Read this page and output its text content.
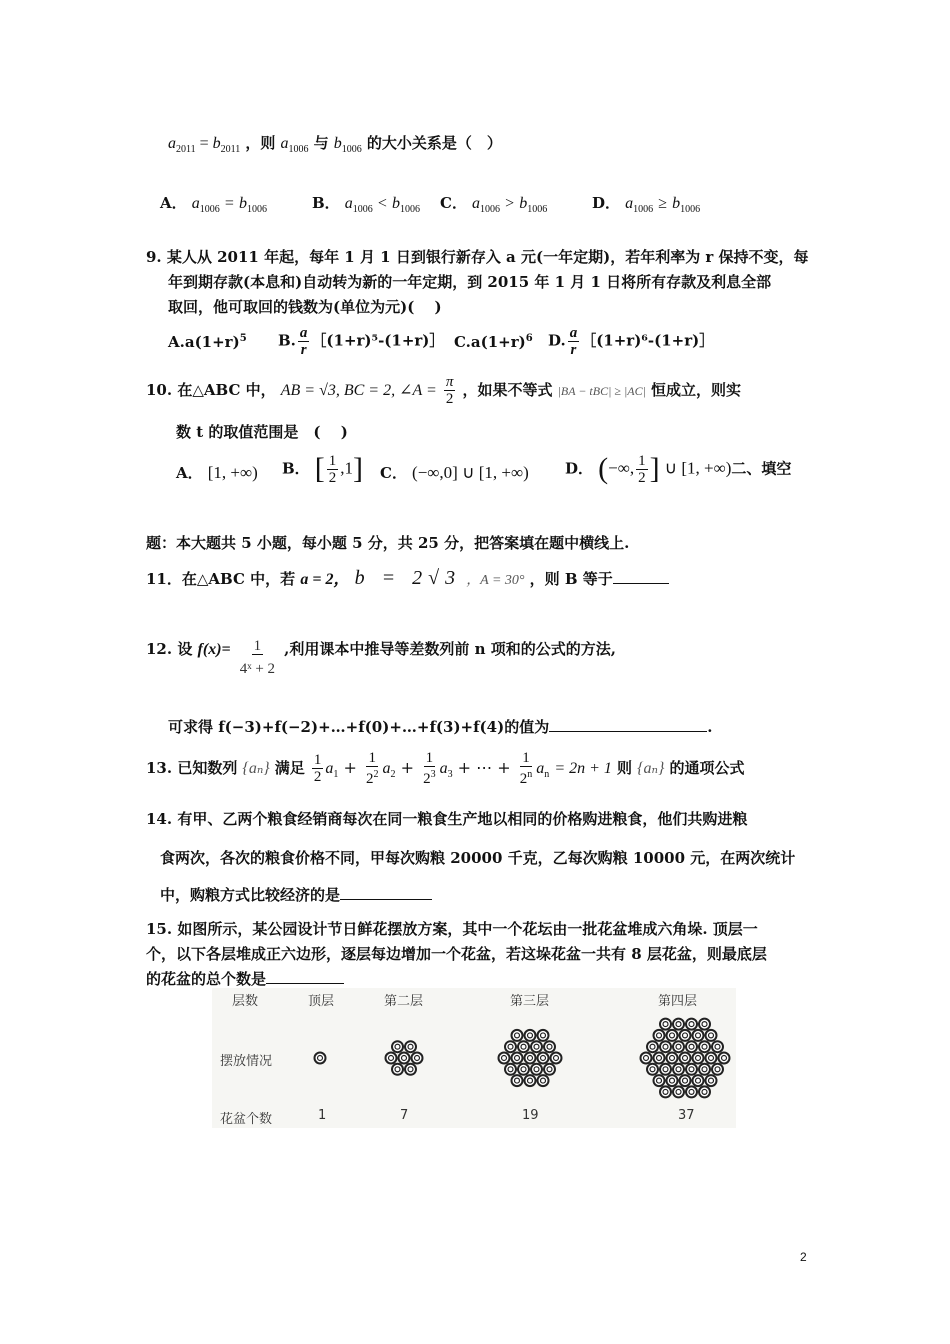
$a_{2011} = b_{2011}$ ，则 $a_{1006}$ 与 $b_{1006}$ 的大小关系是（　）
A． $a_{1006} = b_{1006}$	B． $a_{1006} < b_{1006}$ C． $a_{1006} > b_{1006}$	D． $a_{1006} \ge b_{1006}$
9. 某人从 2011 年起，每年 1 月 1 日到银行新存入 a 元(一年定期)，若年利率为 r 保持不变，每
年到期存款(本息和)自动转为新的一年定期，到 2015 年 1 月 1 日将所有存款及利息全部
取回，他可取回的钱数为(单位为元)(　 )
$A.a(1+r)^5$ B. $\frac{a}{r}$ ［(1+r)⁵-(1+r)］ $C.a(1+r)^6$ D. $\frac{a}{r}$ ［(1+r)⁶-(1+r)］
10. 在△ABC 中， AB = √3, BC = 2, ∠A = $\frac{\pi}{2}$ ，如果不等式 |BA − tBC| ≥ |AC| 恒成立，则实
数 t 的取值范围是　(　 )
A． [1, +∞) B． [ $\frac{1}{2} ,1$] C． (−∞,0] ∪ [1, +∞) D． (−∞, $\frac{1}{2}$ ] ∪ [1, +∞)二、填空
题：本大题共 5 小题，每小题 5 分，共 25 分，把答案填在题中横线上.
11．在△ABC 中，若 a = 2， b = 2√3 ，A = 30° ，则 B 等于
12. 设 $f(x)= \frac{1}{\text{4ˣ + 2}}$ ,利用课本中推导等差数列前 n 项和的公式的方法,
可求得 f(−3)+f(−2)+…+f(0)+…+f(3)+f(4)的值为	.
13. 已知数列 {aₙ} 满足 $\frac{1}{2} a_1 + \frac{1}{2^2} a_2 + \frac{1}{2^3} a_3$ + ⋯ + $\frac{1}{2^n} a_n = 2n + 1$ 则 {aₙ} 的通项公式
14. 有甲、乙两个粮食经销商每次在同一粮食生产地以相同的价格购进粮食，他们共购进粮
食两次，各次的粮食价格不同，甲每次购粮 20000 千克，乙每次购粮 10000 元，在两次统计
中，购粮方式比较经济的是
15. 如图所示，某公园设计节日鲜花摆放方案，其中一个花坛由一批花盆堆成六角垛. 顶层一
个，以下各层堆成正六边形，逐层每边增加一个花盆，若这垛花盆一共有 8 层花盆，则最底层
的花盆的总个数是
层数	顶层	第二层	第三层	第四层
摆放情况
花盆个数	1	7	19	37
2
